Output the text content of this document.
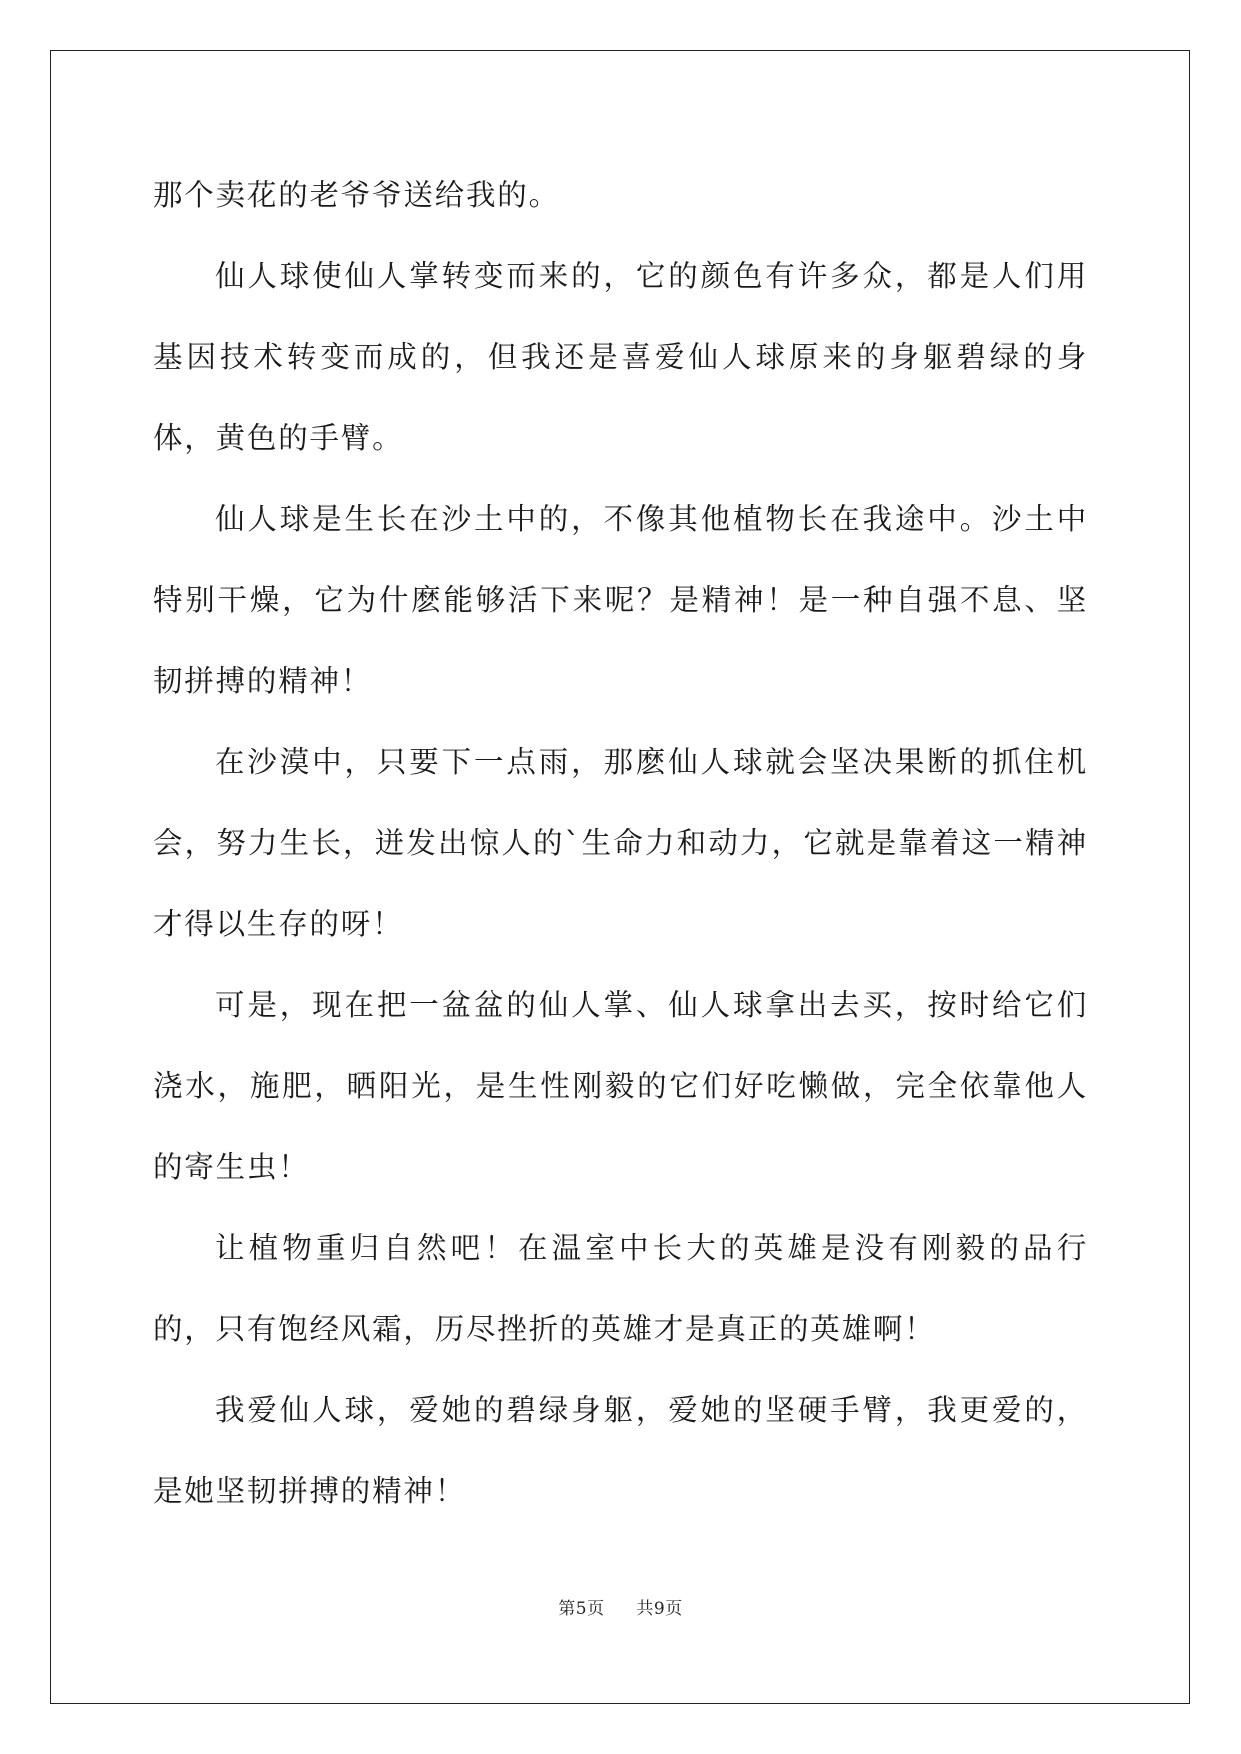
那个卖花的老爷爷送给我的。

仙人球使仙人掌转变而来的，它的颜色有许多众，都是人们用基因技术转变而成的，但我还是喜爱仙人球原来的身躯碧绿的身体，黄色的手臂。

仙人球是生长在沙土中的，不像其他植物长在我途中。沙土中特别干燥，它为什麽能够活下来呢？是精神！是一种自强不息、坚韧拼搏的精神！

在沙漠中，只要下一点雨，那麽仙人球就会坚决果断的抓住机会，努力生长，迸发出惊人的`生命力和动力，它就是靠着这一精神才得以生存的呀！

可是，现在把一盆盆的仙人掌、仙人球拿出去买，按时给它们浇水，施肥，晒阳光，是生性刚毅的它们好吃懒做，完全依靠他人的寄生虫！

让植物重归自然吧！在温室中长大的英雄是没有刚毅的品行的，只有饱经风霜，历尽挫折的英雄才是真正的英雄啊！

我爱仙人球，爱她的碧绿身躯，爱她的坚硬手臂，我更爱的，是她坚韧拼搏的精神！

第5页 共9页
